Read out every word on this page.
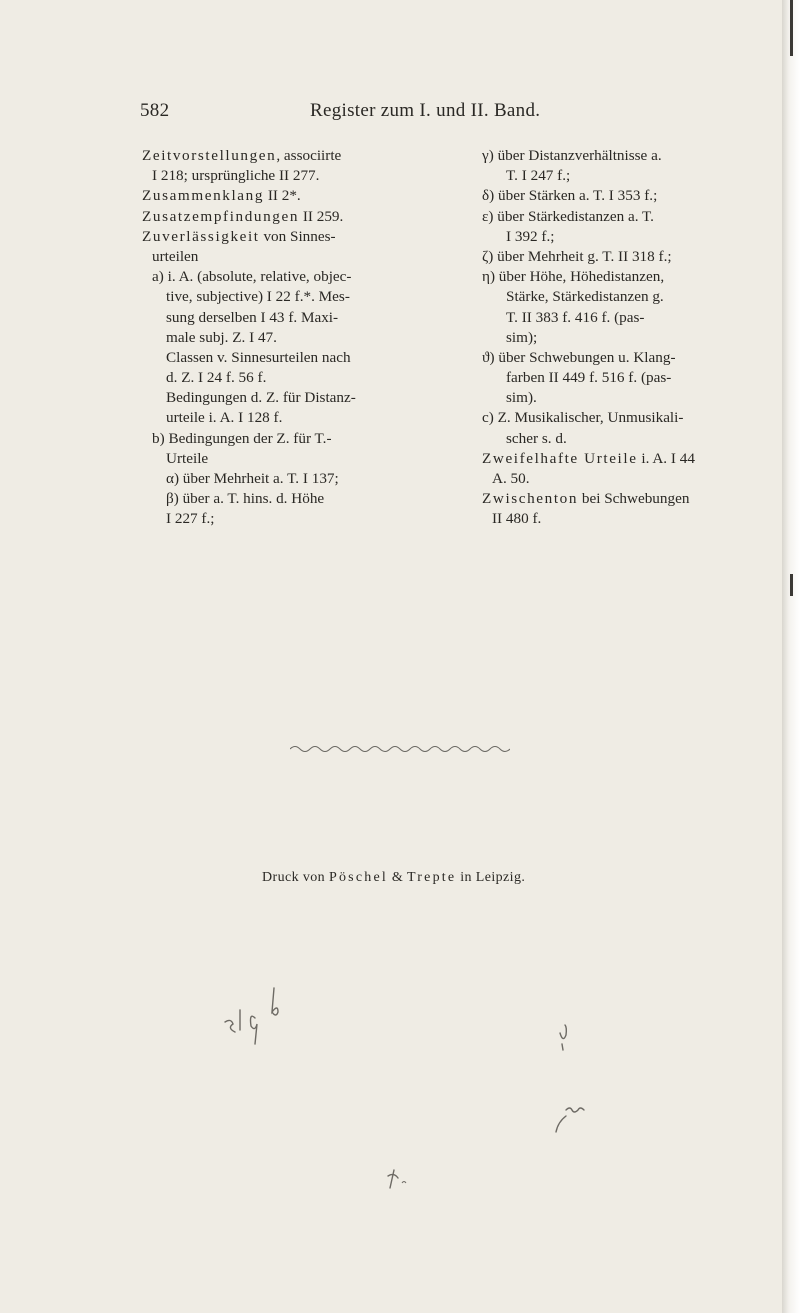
582	Register zum I. und II. Band.
Zeitvorstellungen, associirte
I 218; ursprüngliche II 277.
Zusammenklang II 2*.
Zusatzempfindungen II 259.
Zuverlässigkeit von Sinnes-
urteilen
a) i. A. (absolute, relative, objec-
tive, subjective) I 22 f.*. Mes-
sung derselben I 43 f. Maxi-
male subj. Z. I 47.
Classen v. Sinnesurteilen nach
d. Z. I 24 f. 56 f.
Bedingungen d. Z. für Distanz-
urteile i. A. I 128 f.
b) Bedingungen der Z. für T.-
Urteile
α) über Mehrheit a. T. I 137;
β) über a. T. hins. d. Höhe
I 227 f.;
γ) über Distanzverhältnisse a.
T. I 247 f.;
δ) über Stärken a. T. I 353 f.;
ε) über Stärkedistanzen a. T.
I 392 f.;
ζ) über Mehrheit g. T. II 318 f.;
η) über Höhe, Höhedistanzen,
Stärke, Stärkedistanzen g.
T. II 383 f. 416 f. (pas-
sim);
ϑ) über Schwebungen u. Klang-
farben II 449 f. 516 f. (pas-
sim).
c) Z. Musikalischer, Unmusikali-
scher s. d.
Zweifelhafte Urteile i. A. I 44
A. 50.
Zwischenton bei Schwebungen
II 480 f.
Druck von Pöschel & Trepte in Leipzig.
